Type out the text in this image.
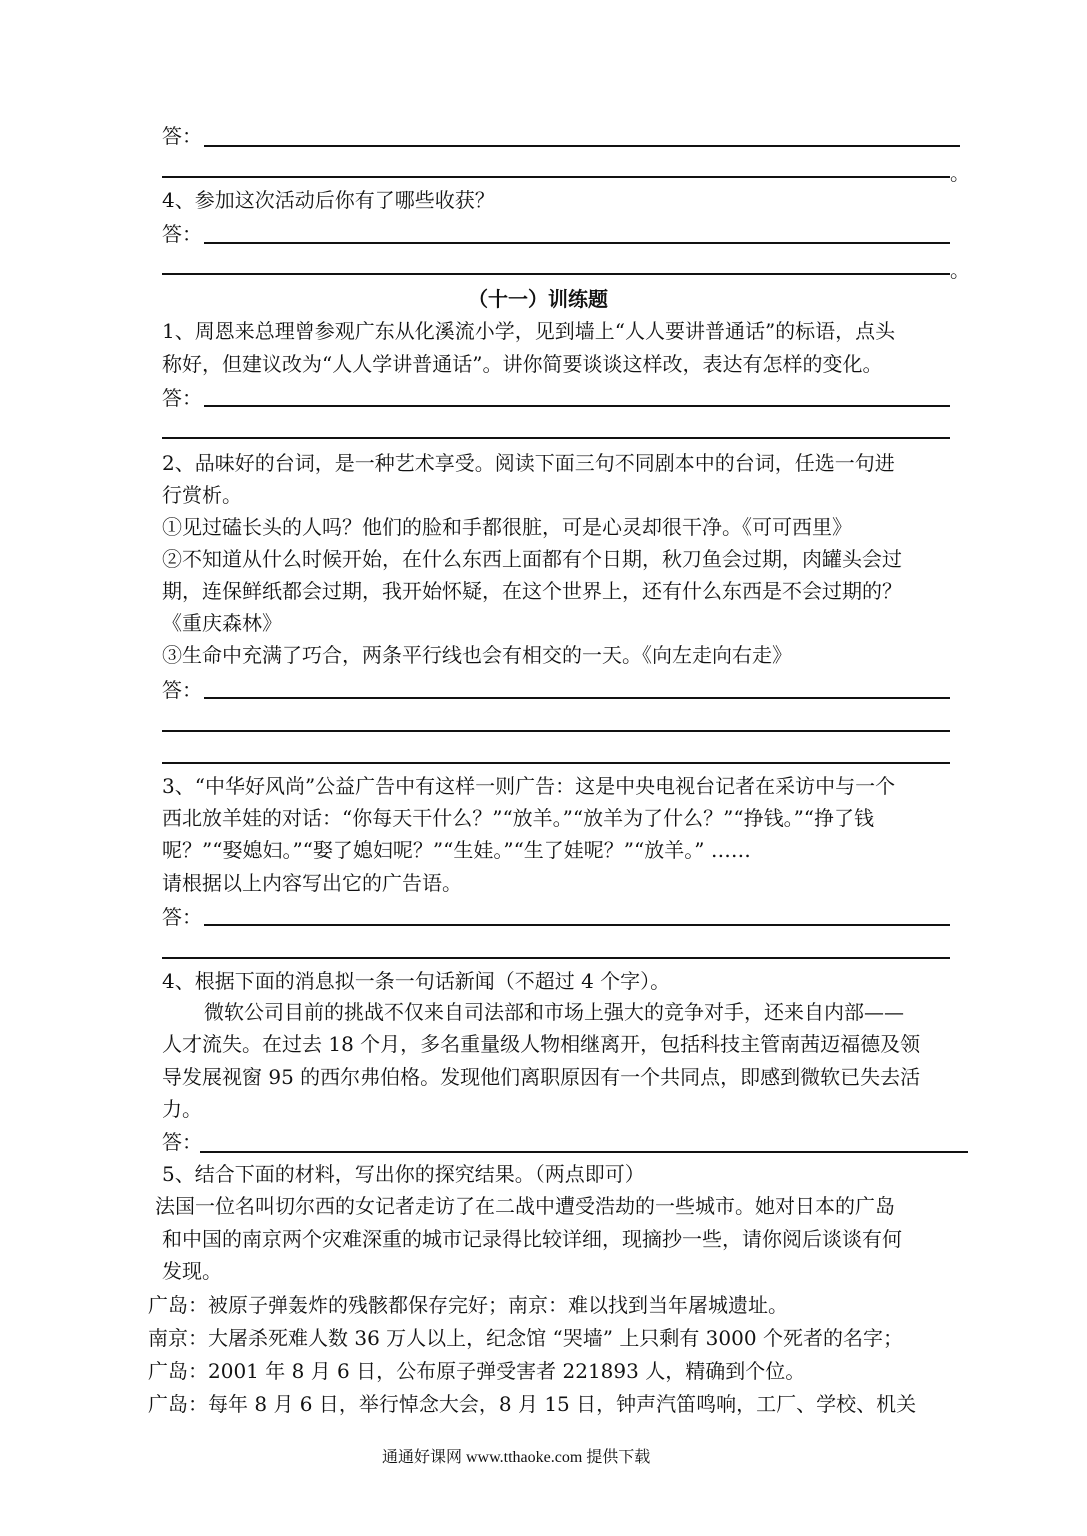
答：
。
4、参加这次活动后你有了哪些收获？
答：
。
（十一）训练题
1、周恩来总理曾参观广东从化溪流小学，见到墙上“人人要讲普通话”的标语，点头
称好，但建议改为“人人学讲普通话”。讲你简要谈谈这样改，表达有怎样的变化。
答：
2、品味好的台词，是一种艺术享受。阅读下面三句不同剧本中的台词，任选一句进
行赏析。
①见过磕长头的人吗？他们的脸和手都很脏，可是心灵却很干净。《可可西里》
②不知道从什么时候开始，在什么东西上面都有个日期，秋刀鱼会过期，肉罐头会过
期，连保鲜纸都会过期，我开始怀疑，在这个世界上，还有什么东西是不会过期的？
《重庆森林》
③生命中充满了巧合，两条平行线也会有相交的一天。《向左走向右走》
答：
3、“中华好风尚”公益广告中有这样一则广告：这是中央电视台记者在采访中与一个
西北放羊娃的对话：“你每天干什么？”“放羊。”“放羊为了什么？”“挣钱。”“挣了钱
呢？”“娶媳妇。”“娶了媳妇呢？”“生娃。”“生了娃呢？”“放羊。” ……
请根据以上内容写出它的广告语。
答：
4、根据下面的消息拟一条一句话新闻（不超过 4 个字）。
微软公司目前的挑战不仅来自司法部和市场上强大的竞争对手，还来自内部——
人才流失。在过去 18 个月，多名重量级人物相继离开，包括科技主管南茜迈福德及领
导发展视窗 95 的西尔弗伯格。发现他们离职原因有一个共同点，即感到微软已失去活
力。
答：
5、结合下面的材料，写出你的探究结果。（两点即可）
法国一位名叫切尔西的女记者走访了在二战中遭受浩劫的一些城市。她对日本的广岛
和中国的南京两个灾难深重的城市记录得比较详细，现摘抄一些，请你阅后谈谈有何
发现。
广岛：被原子弹轰炸的残骸都保存完好；南京：难以找到当年屠城遗址。
南京：大屠杀死难人数 36 万人以上，纪念馆 “哭墙” 上只剩有 3000 个死者的名字；
广岛：2001 年 8 月 6 日，公布原子弹受害者 221893 人，精确到个位。
广岛：每年 8 月 6 日，举行悼念大会，8 月 15 日，钟声汽笛鸣响，工厂、学校、机关
通通好课网 www.tthaoke.com 提供下载
